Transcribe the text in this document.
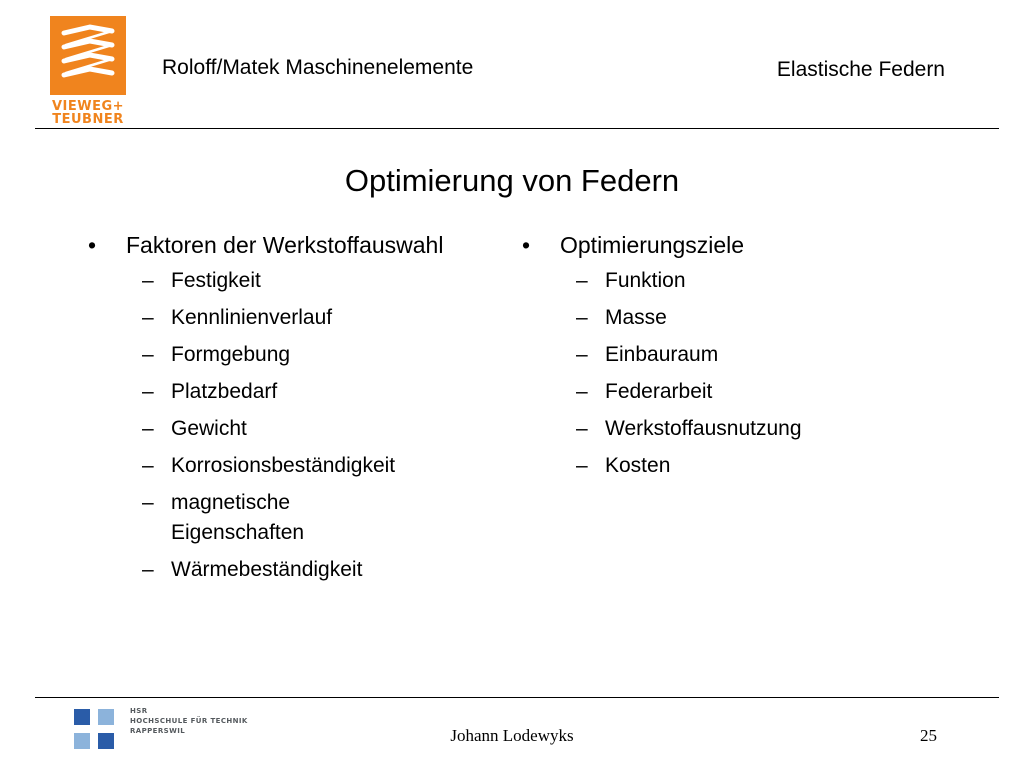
VIEWEG+
TEUBNER
Roloff/Matek Maschinenelemente	Elastische Federn
Optimierung von Federn
•	Faktoren der Werkstoffauswahl
– Festigkeit
– Kennlinienverlauf
– Formgebung
– Platzbedarf
– Gewicht
– Korrosionsbeständigkeit
– magnetische Eigenschaften
– Wärmebeständigkeit
•	Optimierungsziele
– Funktion
– Masse
– Einbauraum
– Federarbeit
– Werkstoffausnutzung
– Kosten
HSR
HOCHSCHULE FÜR TECHNIK
RAPPERSWIL	Johann Lodewyks	25
